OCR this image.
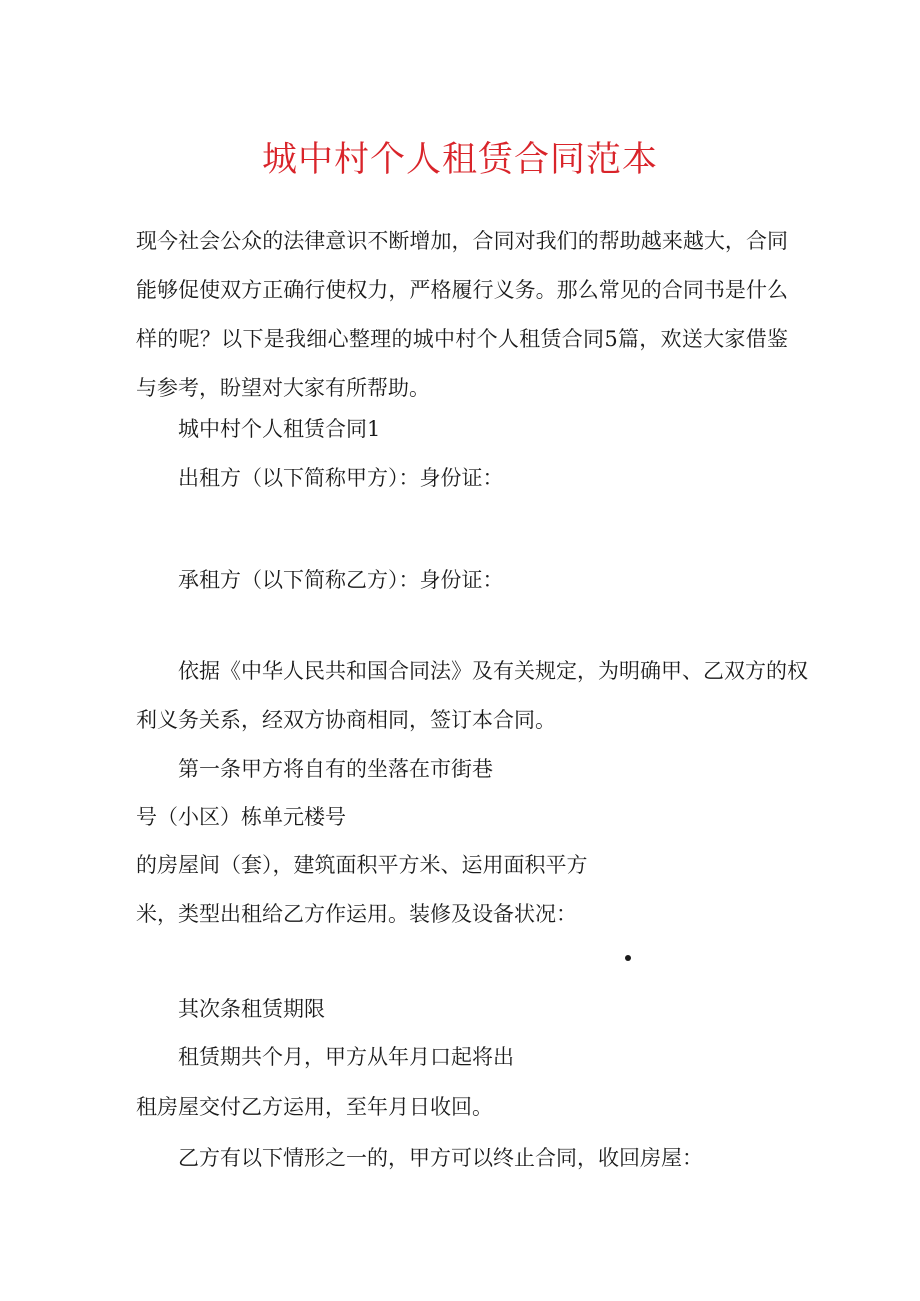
城中村个人租赁合同范本

现今社会公众的法律意识不断增加，合同对我们的帮助越来越大，合同能够促使双方正确行使权力，严格履行义务。那么常见的合同书是什么样的呢？以下是我细心整理的城中村个人租赁合同5篇，欢送大家借鉴与参考，盼望对大家有所帮助。

城中村个人租赁合同1

出租方（以下简称甲方）：身份证：

承租方（以下简称乙方）：身份证：

依据《中华人民共和国合同法》及有关规定，为明确甲、乙双方的权

利义务关系，经双方协商相同，签订本合同。

第一条甲方将自有的坐落在市街巷

号（小区）栋单元楼号

的房屋间（套），建筑面积平方米、运用面积平方

米，类型出租给乙方作运用。装修及设备状况：

其次条租赁期限

租赁期共个月，甲方从年月口起将出

租房屋交付乙方运用，至年月日收回。

乙方有以下情形之一的，甲方可以终止合同，收回房屋：
